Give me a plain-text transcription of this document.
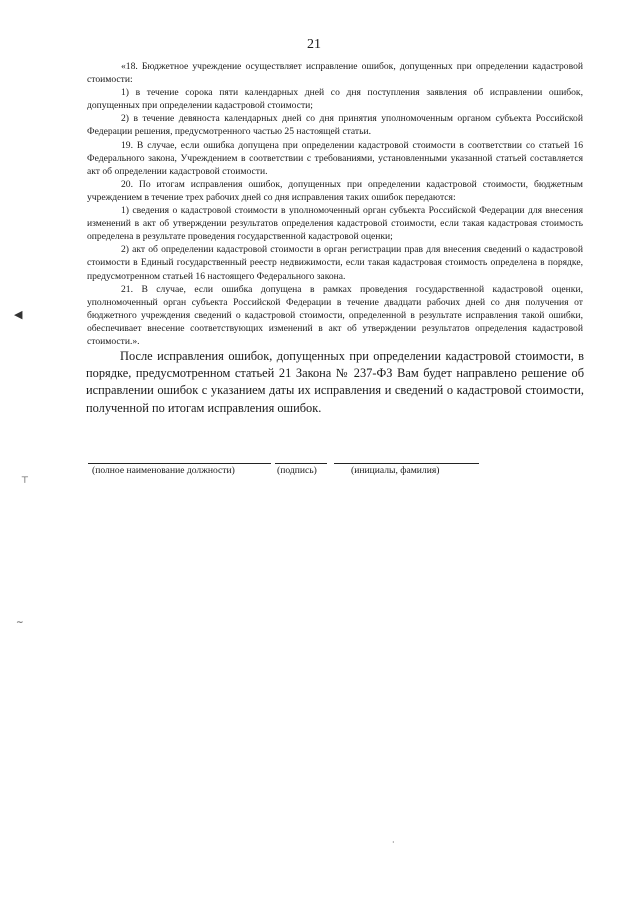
21

«18. Бюджетное учреждение осуществляет исправление ошибок, допущенных при определении кадастровой стоимости:

1) в течение сорока пяти календарных дней со дня поступления заявления об исправлении ошибок, допущенных при определении кадастровой стоимости;

2) в течение девяноста календарных дней со дня принятия уполномоченным органом субъекта Российской Федерации решения, предусмотренного частью 25 настоящей статьи.

19. В случае, если ошибка допущена при определении кадастровой стоимости в соответствии со статьей 16 Федерального закона, Учреждением в соответствии с требованиями, установленными указанной статьей составляется акт об определении кадастровой стоимости.

20. По итогам исправления ошибок, допущенных при определении кадастровой стоимости, бюджетным учреждением в течение трех рабочих дней со дня исправления таких ошибок передаются:

1) сведения о кадастровой стоимости в уполномоченный орган субъекта Российской Федерации для внесения изменений в акт об утверждении результатов определения кадастровой стоимости, если такая кадастровая стоимость определена в результате проведения государственной кадастровой оценки;

2) акт об определении кадастровой стоимости в орган регистрации прав для внесения сведений о кадастровой стоимости в Единый государственный реестр недвижимости, если такая кадастровая стоимость определена в порядке, предусмотренном статьей 16 настоящего Федерального закона.

21. В случае, если ошибка допущена в рамках проведения государственной кадастровой оценки, уполномоченный орган субъекта Российской Федерации в течение двадцати рабочих дней со дня получения от бюджетного учреждения сведений о кадастровой стоимости, определенной в результате исправления такой ошибки, обеспечивает внесение соответствующих изменений в акт об утверждении результатов определения кадастровой стоимости.».

После исправления ошибок, допущенных при определении кадастровой стоимости, в порядке, предусмотренном статьей 21 Закона № 237-ФЗ Вам будет направлено решение об исправлении ошибок с указанием даты их исправления и сведений о кадастровой стоимости, полученной по итогам исправления ошибок.

(полное наименование должности)	(подпись)	(инициалы, фамилия)
◀
⊤
~
·
